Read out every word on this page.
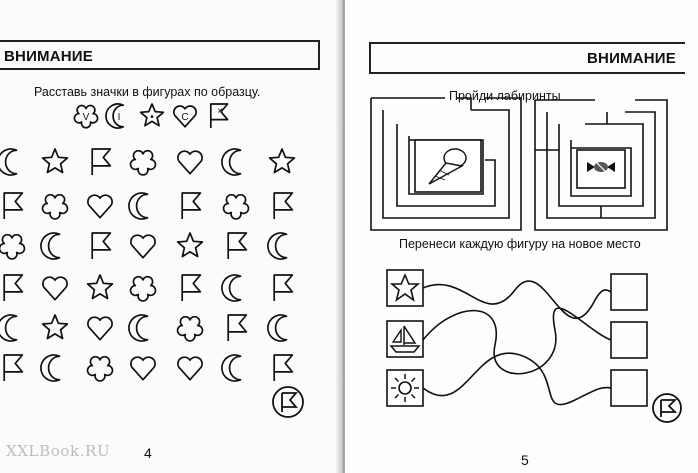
ВНИМАНИЕ
Расставь значки в фигурах по образцу.
V	I	•	C
×
4
XXLBook.RU
ВНИМАНИЕ
Пройди лабиринты
Перенеси каждую фигуру на новое место
5
